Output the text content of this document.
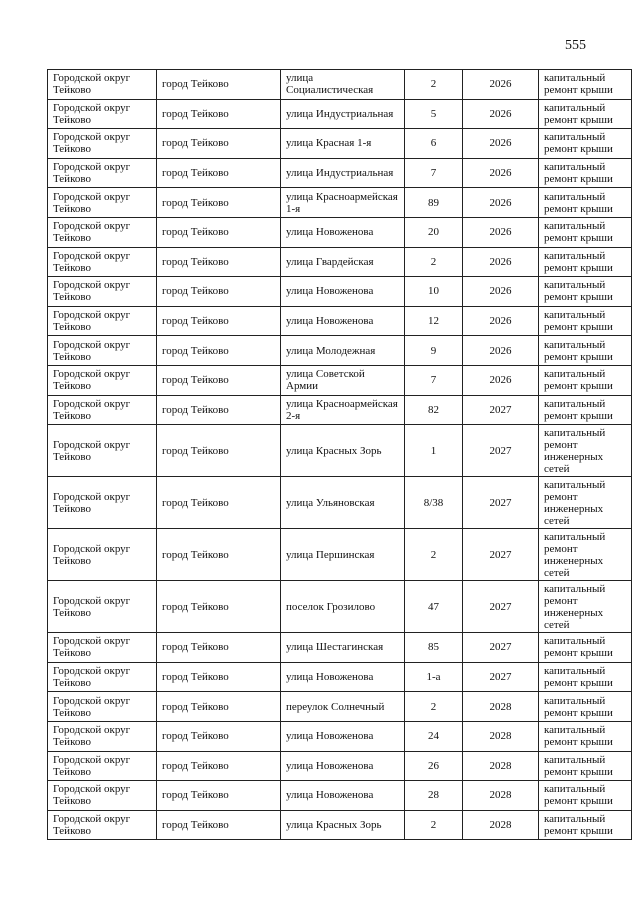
555
Городской округ Тейково	город Тейково	улица Социалистическая	2	2026	капитальный ремонт крыши
Городской округ Тейково	город Тейково	улица Индустриальная	5	2026	капитальный ремонт крыши
Городской округ Тейково	город Тейково	улица Красная 1-я	6	2026	капитальный ремонт крыши
Городской округ Тейково	город Тейково	улица Индустриальная	7	2026	капитальный ремонт крыши
Городской округ Тейково	город Тейково	улица Красноармейская 1-я	89	2026	капитальный ремонт крыши
Городской округ Тейково	город Тейково	улица Новоженова	20	2026	капитальный ремонт крыши
Городской округ Тейково	город Тейково	улица Гвардейская	2	2026	капитальный ремонт крыши
Городской округ Тейково	город Тейково	улица Новоженова	10	2026	капитальный ремонт крыши
Городской округ Тейково	город Тейково	улица Новоженова	12	2026	капитальный ремонт крыши
Городской округ Тейково	город Тейково	улица Молодежная	9	2026	капитальный ремонт крыши
Городской округ Тейково	город Тейково	улица Советской Армии	7	2026	капитальный ремонт крыши
Городской округ Тейково	город Тейково	улица Красноармейская 2-я	82	2027	капитальный ремонт крыши
Городской округ Тейково	город Тейково	улица Красных Зорь	1	2027	капитальный ремонт инженерных сетей
Городской округ Тейково	город Тейково	улица Ульяновская	8/38	2027	капитальный ремонт инженерных сетей
Городской округ Тейково	город Тейково	улица Першинская	2	2027	капитальный ремонт инженерных сетей
Городской округ Тейково	город Тейково	поселок Грозилово	47	2027	капитальный ремонт инженерных сетей
Городской округ Тейково	город Тейково	улица Шестагинская	85	2027	капитальный ремонт крыши
Городской округ Тейково	город Тейково	улица Новоженова	1-а	2027	капитальный ремонт крыши
Городской округ Тейково	город Тейково	переулок Солнечный	2	2028	капитальный ремонт крыши
Городской округ Тейково	город Тейково	улица Новоженова	24	2028	капитальный ремонт крыши
Городской округ Тейково	город Тейково	улица Новоженова	26	2028	капитальный ремонт крыши
Городской округ Тейково	город Тейково	улица Новоженова	28	2028	капитальный ремонт крыши
Городской округ Тейково	город Тейково	улица Красных Зорь	2	2028	капитальный ремонт крыши
